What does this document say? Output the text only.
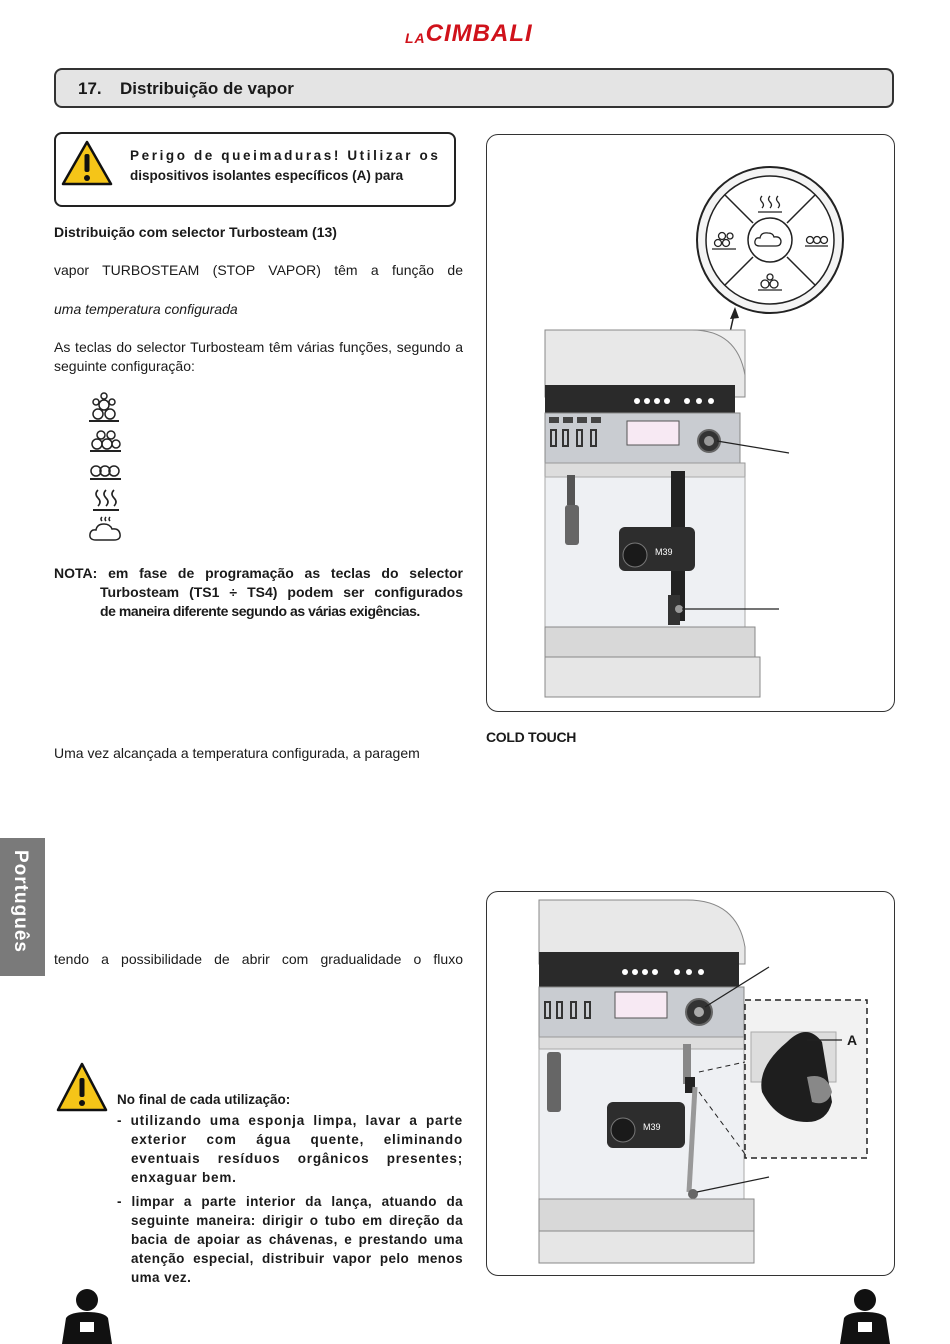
LACIMBALI
17. Distribuição de vapor
Perigo de queimaduras! Utilizar os
dispositivos isolantes específicos (A) para
Distribuição com selector Turbosteam (13)
vapor TURBOSTEAM (STOP VAPOR) têm a função de
uma temperatura configurada
As teclas do selector Turbosteam têm várias funções, segundo a seguinte configuração:
NOTA: em fase de programação as teclas do selector
Turbosteam (TS1 ÷ TS4) podem ser configurados
de maneira diferente segundo as várias exigências.
Uma vez alcançada a temperatura configurada, a paragem
tendo a possibilidade de abrir com gradualidade o fluxo
Português
M39
COLD TOUCH
M39
A
No final de cada utilização:
- utilizando uma esponja limpa, lavar a parte exterior com água quente, eliminando eventuais resíduos orgânicos presentes; enxaguar bem.
- limpar a parte interior da lança, atuando da seguinte maneira: dirigir o tubo em direção da bacia de apoiar as chávenas, e prestando uma atenção especial, distribuir vapor pelo menos uma vez.
